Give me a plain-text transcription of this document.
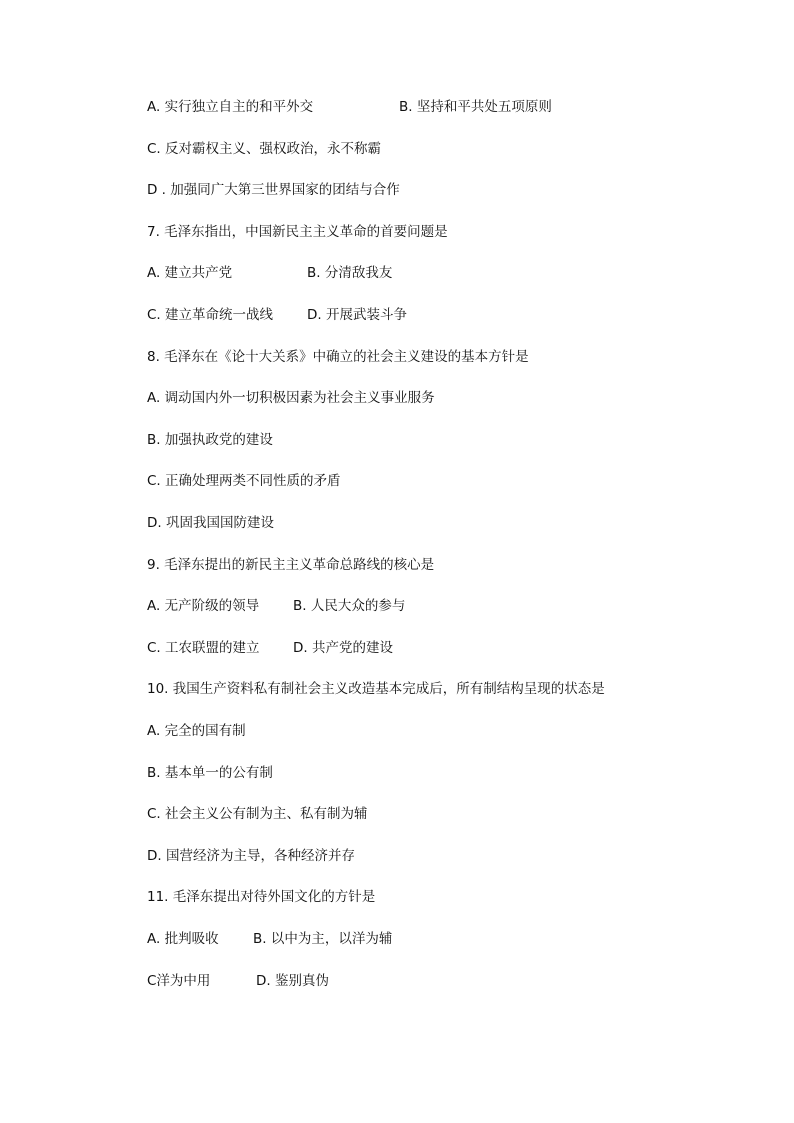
A. 实行独立自主的和平外交	B. 坚持和平共处五项原则
C. 反对霸权主义、强权政治，永不称霸
D . 加强同广大第三世界国家的团结与合作
7. 毛泽东指出，中国新民主主义革命的首要问题是
A. 建立共产党	B. 分清敌我友
C. 建立革命统一战线	D. 开展武装斗争
8. 毛泽东在《论十大关系》中确立的社会主义建设的基本方针是
A. 调动国内外一切积极因素为社会主义事业服务
B. 加强执政党的建设
C. 正确处理两类不同性质的矛盾
D. 巩固我国国防建设
9. 毛泽东提出的新民主主义革命总路线的核心是
A. 无产阶级的领导	B. 人民大众的参与
C. 工农联盟的建立 D. 共产党的建设
10. 我国生产资料私有制社会主义改造基本完成后，所有制结构呈现的状态是
A. 完全的国有制
B. 基本单一的公有制
C. 社会主义公有制为主、私有制为辅
D. 国营经济为主导，各种经济并存
11. 毛泽东提出对待外国文化的方针是
A. 批判吸收	B. 以中为主，以洋为辅
C洋为中用	D. 鉴别真伪
